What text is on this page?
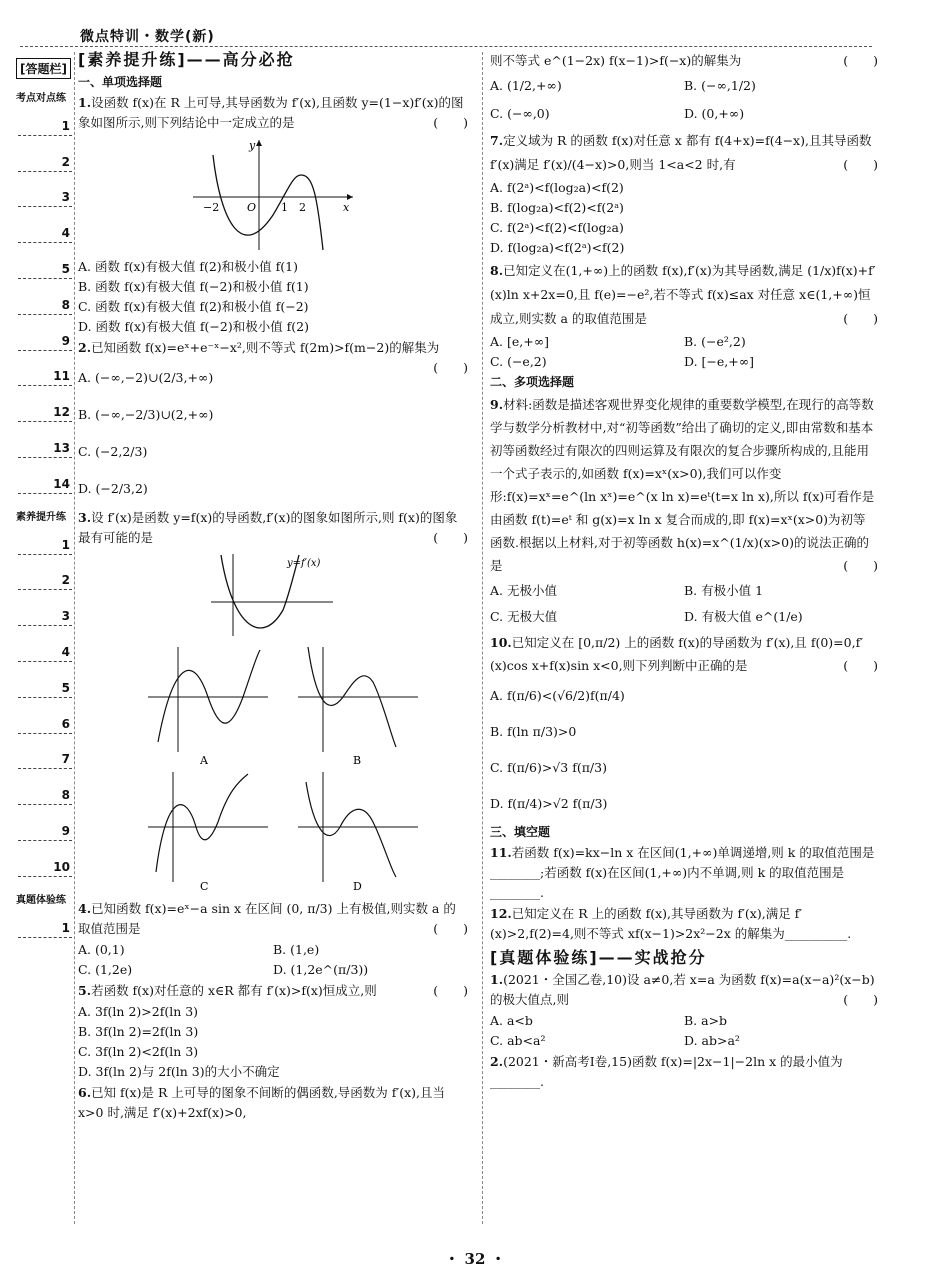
微点特训・数学(新)
[答题栏]
考点对点练
1
2
3
4
5
8
9
11
12
13
14
素养提升练
1
2
3
4
5
6
7
8
9
10
真题体验练
1
[素养提升练]——高分必抢
一、单项选择题
1.设函数 f(x)在 R 上可导,其导函数为 f′(x),且函数 y=(1−x)f′(x)的图象如图所示,则下列结论中一定成立的是	(　　)
y
x
O
−2	1 2
A. 函数 f(x)有极大值 f(2)和极小值 f(1)
B. 函数 f(x)有极大值 f(−2)和极小值 f(1)
C. 函数 f(x)有极大值 f(2)和极小值 f(−2)
D. 函数 f(x)有极大值 f(−2)和极小值 f(2)
2.已知函数 f(x)=eˣ+e⁻ˣ−x²,则不等式 f(2m)>f(m−2)的解集为
(　　)
A. (−∞,−2)∪(2/3,+∞)
B. (−∞,−2/3)∪(2,+∞)
C. (−2,2/3)
D. (−2/3,2)
3.设 f′(x)是函数 y=f(x)的导函数,f′(x)的图象如图所示,则 f(x)的图象最有可能的是	(　　)
y=f′(x)
A	B
C	D
4.已知函数 f(x)=eˣ−a sin x 在区间 (0, π/3) 上有极值,则实数 a 的取值范围是	(　　)
A. (0,1)	B. (1,e)
C. (1,2e)	D. (1,2e^(π/3))
5.若函数 f(x)对任意的 x∈R 都有 f′(x)>f(x)恒成立,则	(　　)
A. 3f(ln 2)>2f(ln 3)
B. 3f(ln 2)=2f(ln 3)
C. 3f(ln 2)<2f(ln 3)
D. 3f(ln 2)与 2f(ln 3)的大小不确定
6.已知 f(x)是 R 上可导的图象不间断的偶函数,导函数为 f′(x),且当 x>0 时,满足 f′(x)+2xf(x)>0,
则不等式 e^(1−2x) f(x−1)>f(−x)的解集为	(　　)
A. (1/2,+∞)	B. (−∞,1/2)
C. (−∞,0)	D. (0,+∞)
7.定义域为 R 的函数 f(x)对任意 x 都有 f(4+x)=f(4−x),且其导函数 f′(x)满足 f′(x)/(4−x)>0,则当 1<a<2 时,有	(　　)
A. f(2ᵃ)<f(log₂a)<f(2)
B. f(log₂a)<f(2)<f(2ᵃ)
C. f(2ᵃ)<f(2)<f(log₂a)
D. f(log₂a)<f(2ᵃ)<f(2)
8.已知定义在(1,+∞)上的函数 f(x),f′(x)为其导函数,满足 (1/x)f(x)+f′(x)ln x+2x=0,且 f(e)=−e²,若不等式 f(x)≤ax 对任意 x∈(1,+∞)恒成立,则实数 a 的取值范围是	(　　)
A. [e,+∞]	B. (−e²,2)
C. (−e,2)	D. [−e,+∞]
二、多项选择题
9.材料:函数是描述客观世界变化规律的重要数学模型,在现行的高等数学与数学分析教材中,对“初等函数”给出了确切的定义,即由常数和基本初等函数经过有限次的四则运算及有限次的复合步骤所构成的,且能用一个式子表示的,如函数 f(x)=xˣ(x>0),我们可以作变形:f(x)=xˣ=e^(ln xˣ)=e^(x ln x)=eᵗ(t=x ln x),所以 f(x)可看作是由函数 f(t)=eᵗ 和 g(x)=x ln x 复合而成的,即 f(x)=xˣ(x>0)为初等函数.根据以上材料,对于初等函数 h(x)=x^(1/x)(x>0)的说法正确的是	(　　)
A. 无极小值	B. 有极小值 1
C. 无极大值	D. 有极大值 e^(1/e)
10.已知定义在 [0,π/2) 上的函数 f(x)的导函数为 f′(x),且 f(0)=0,f′(x)cos x+f(x)sin x<0,则下列判断中正确的是	(　　)
A. f(π/6)<(√6/2)f(π/4)
B. f(ln π/3)>0
C. f(π/6)>√3 f(π/3)
D. f(π/4)>√2 f(π/3)
三、填空题
11.若函数 f(x)=kx−ln x 在区间(1,+∞)单调递增,则 k 的取值范围是________;若函数 f(x)在区间(1,+∞)内不单调,则 k 的取值范围是________.
12.已知定义在 R 上的函数 f(x),其导函数为 f′(x),满足 f′(x)>2,f(2)=4,则不等式 xf(x−1)>2x²−2x 的解集为__________.
[真题体验练]——实战抢分
1.(2021・全国乙卷,10)设 a≠0,若 x=a 为函数 f(x)=a(x−a)²(x−b)的极大值点,则	(　　)
A. a<b	B. a>b
C. ab<a²	D. ab>a²
2.(2021・新高考Ⅰ卷,15)函数 f(x)=|2x−1|−2ln x 的最小值为________.
・ 32 ・
